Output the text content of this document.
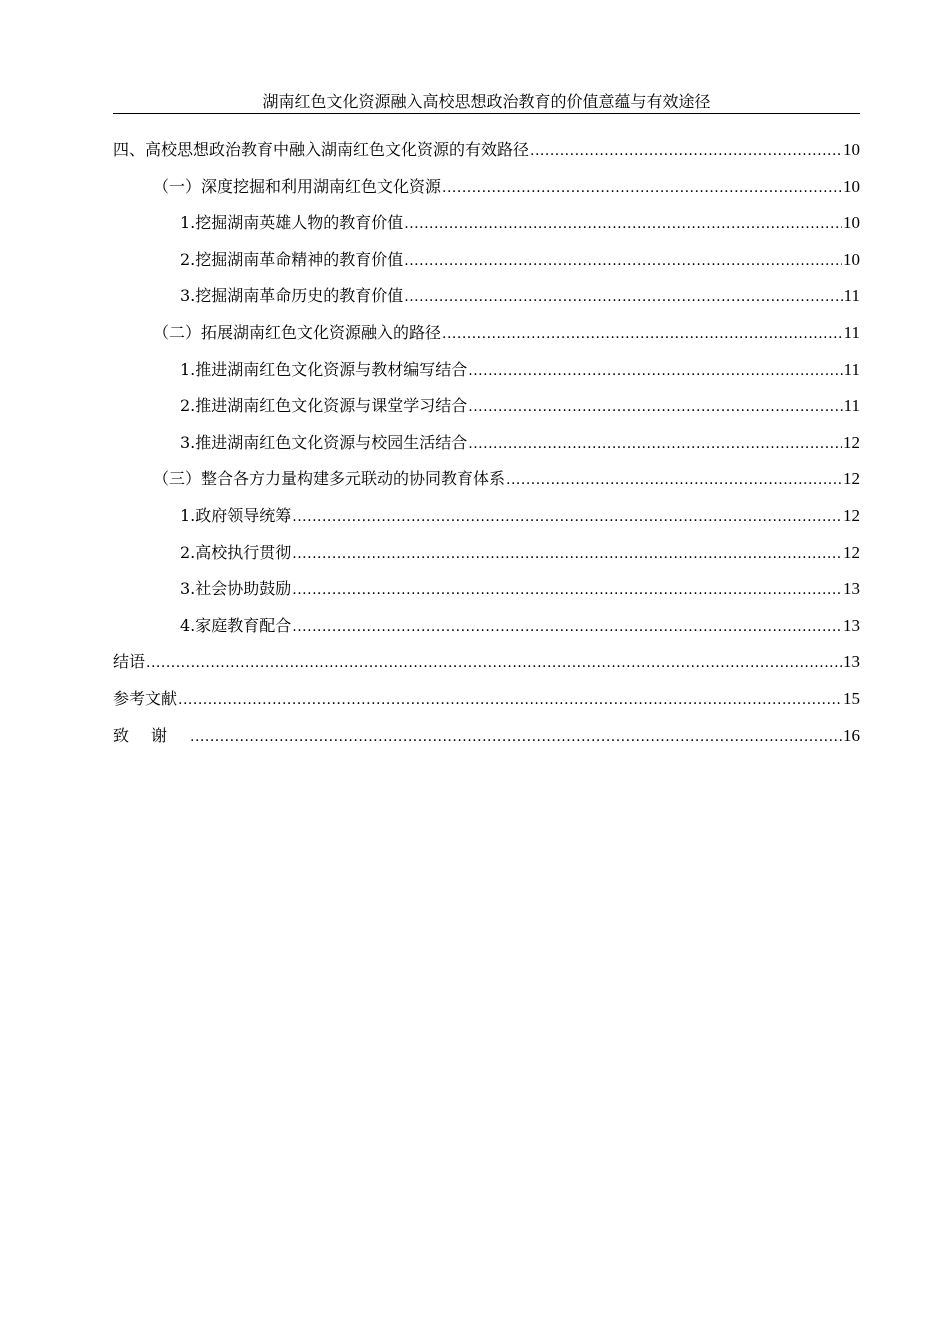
湖南红色文化资源融入高校思想政治教育的价值意蕴与有效途径
四、高校思想政治教育中融入湖南红色文化资源的有效路径 .....	10
（一）深度挖掘和利用湖南红色文化资源 .....	10
1.挖掘湖南英雄人物的教育价值 .....	10
2.挖掘湖南革命精神的教育价值 .....	10
3.挖掘湖南革命历史的教育价值 .....	11
（二）拓展湖南红色文化资源融入的路径 .....	11
1.推进湖南红色文化资源与教材编写结合 .....	11
2.推进湖南红色文化资源与课堂学习结合 .....	11
3.推进湖南红色文化资源与校园生活结合 .....	12
（三）整合各方力量构建多元联动的协同教育体系 .....	12
1.政府领导统筹 .....	12
2.高校执行贯彻 .....	12
3.社会协助鼓励 .....	13
4.家庭教育配合 .....	13
结语 .....	13
参考文献 .....	15
致谢 .....	16
